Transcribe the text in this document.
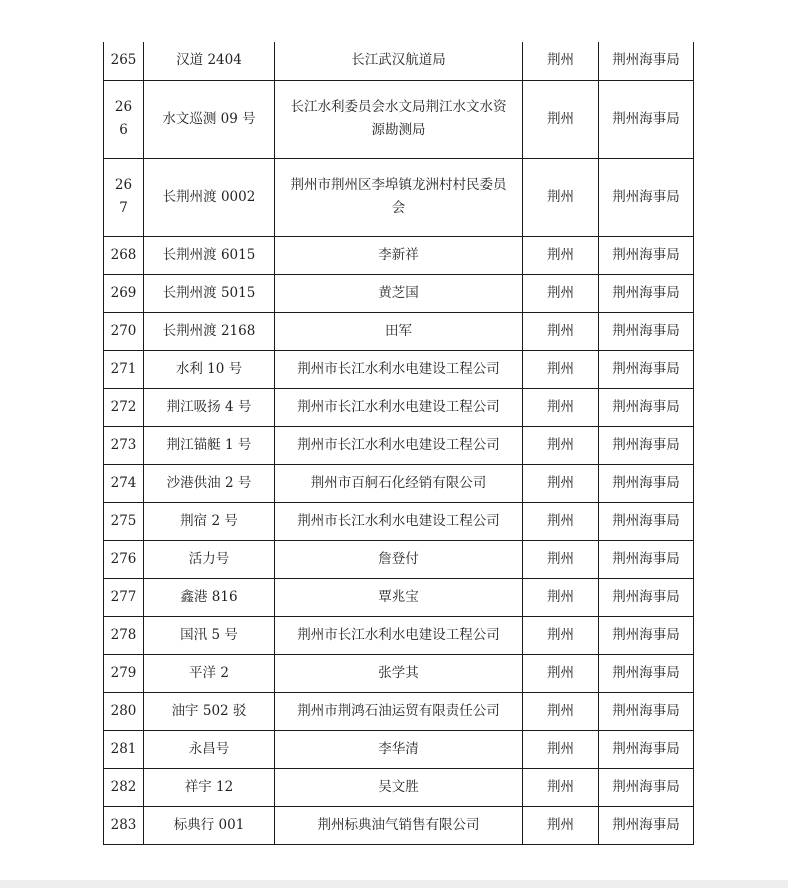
265	汉道 2404	长江武汉航道局	荆州	荆州海事局
266	水文巡测 09 号	长江水利委员会水文局荆江水文水资源勘测局	荆州	荆州海事局
267	长荆州渡 0002	荆州市荆州区李埠镇龙洲村村民委员会	荆州	荆州海事局
268	长荆州渡 6015	李新祥	荆州	荆州海事局
269	长荆州渡 5015	黄芝国	荆州	荆州海事局
270	长荆州渡 2168	田军	荆州	荆州海事局
271	水利 10 号	荆州市长江水利水电建设工程公司	荆州	荆州海事局
272	荆江吸扬 4 号	荆州市长江水利水电建设工程公司	荆州	荆州海事局
273	荆江锚艇 1 号	荆州市长江水利水电建设工程公司	荆州	荆州海事局
274	沙港供油 2 号	荆州市百舸石化经销有限公司	荆州	荆州海事局
275	荆宿 2 号	荆州市长江水利水电建设工程公司	荆州	荆州海事局
276	活力号	詹登付	荆州	荆州海事局
277	鑫港 816	覃兆宝	荆州	荆州海事局
278	国汛 5 号	荆州市长江水利水电建设工程公司	荆州	荆州海事局
279	平洋 2	张学其	荆州	荆州海事局
280	油宇 502 驳	荆州市荆鸿石油运贸有限责任公司	荆州	荆州海事局
281	永昌号	李华清	荆州	荆州海事局
282	祥宇 12	吴文胜	荆州	荆州海事局
283	标典行 001	荆州标典油气销售有限公司	荆州	荆州海事局
